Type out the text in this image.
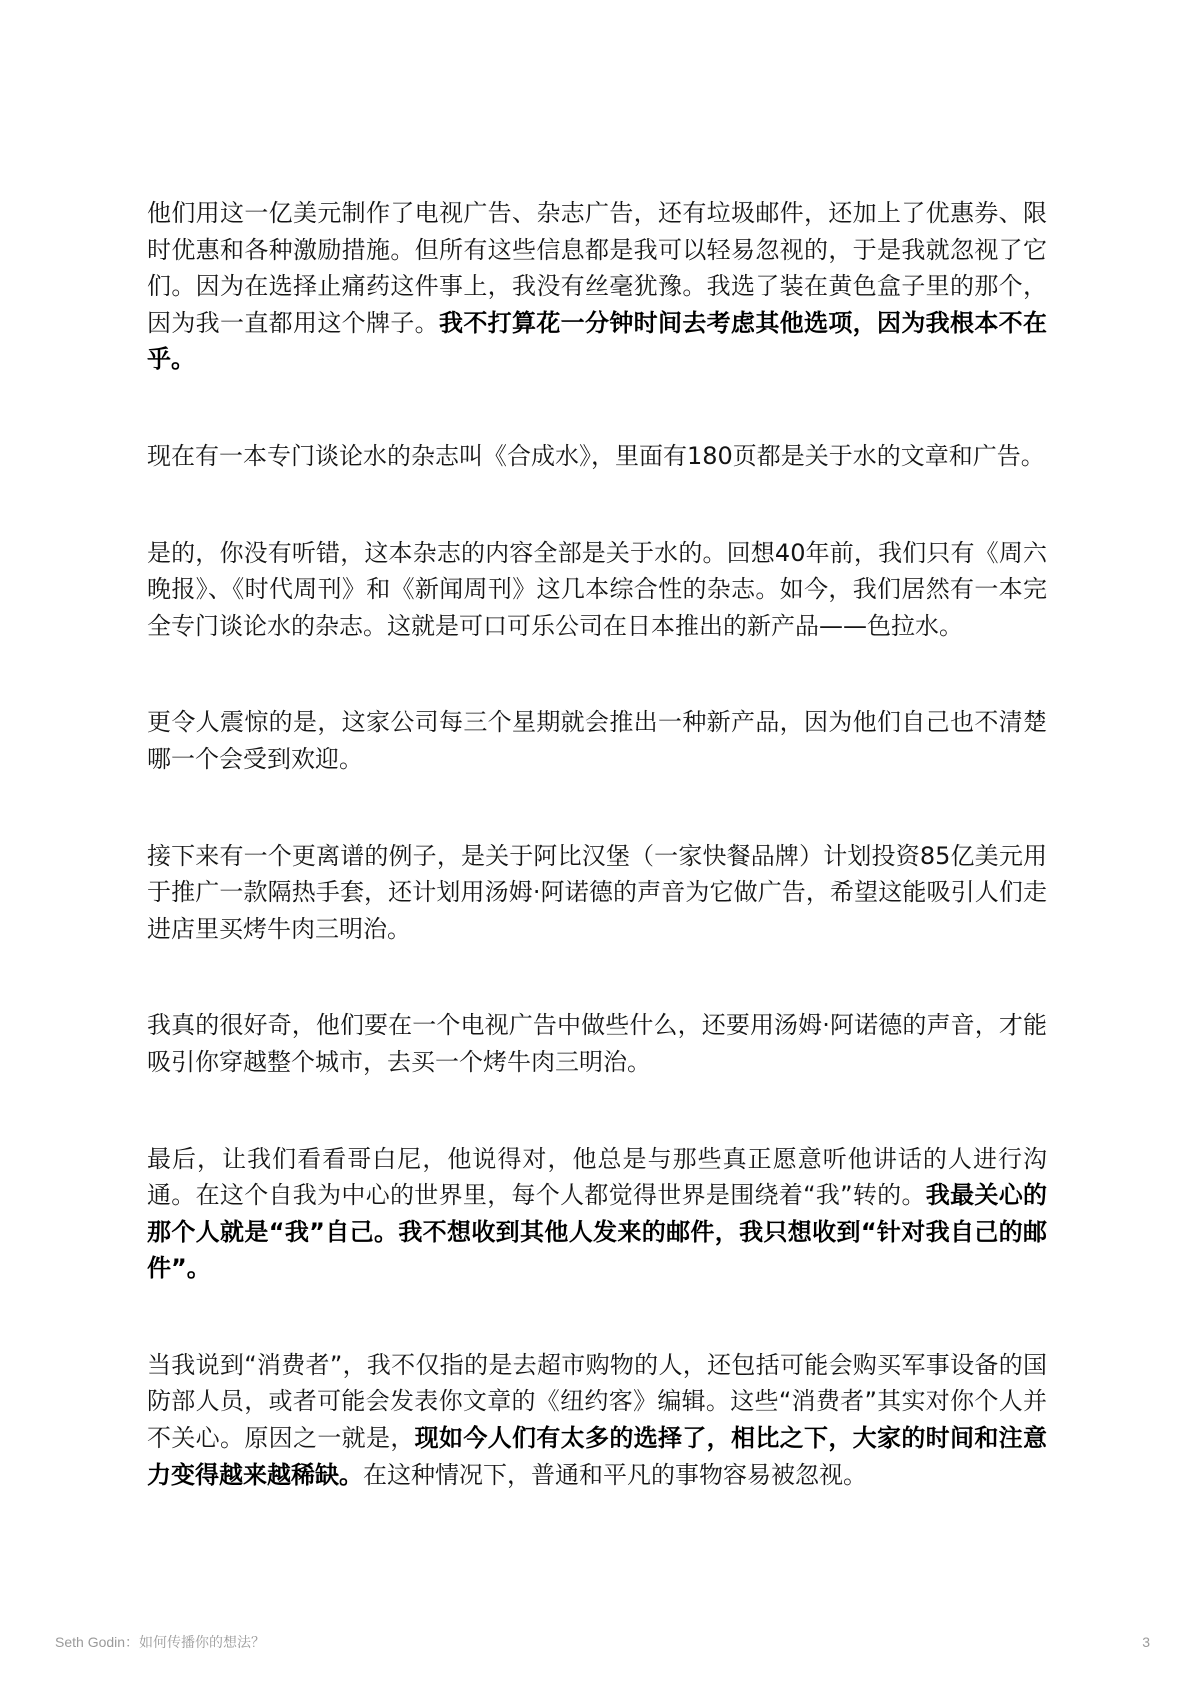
他们用这一亿美元制作了电视广告、杂志广告，还有垃圾邮件，还加上了优惠券、限时优惠和各种激励措施。但所有这些信息都是我可以轻易忽视的，于是我就忽视了它们。因为在选择止痛药这件事上，我没有丝毫犹豫。我选了装在黄色盒子里的那个，因为我一直都用这个牌子。我不打算花一分钟时间去考虑其他选项，因为我根本不在乎。

现在有一本专门谈论水的杂志叫《合成水》，里面有180页都是关于水的文章和广告。

是的，你没有听错，这本杂志的内容全部是关于水的。回想40年前，我们只有《周六晚报》、《时代周刊》和《新闻周刊》这几本综合性的杂志。如今，我们居然有一本完全专门谈论水的杂志。这就是可口可乐公司在日本推出的新产品——色拉水。

更令人震惊的是，这家公司每三个星期就会推出一种新产品，因为他们自己也不清楚哪一个会受到欢迎。

接下来有一个更离谱的例子，是关于阿比汉堡（一家快餐品牌）计划投资85亿美元用于推广一款隔热手套，还计划用汤姆·阿诺德的声音为它做广告，希望这能吸引人们走进店里买烤牛肉三明治。

我真的很好奇，他们要在一个电视广告中做些什么，还要用汤姆·阿诺德的声音，才能吸引你穿越整个城市，去买一个烤牛肉三明治。

最后，让我们看看哥白尼，他说得对，他总是与那些真正愿意听他讲话的人进行沟通。在这个自我为中心的世界里，每个人都觉得世界是围绕着“我”转的。我最关心的那个人就是“我”自己。我不想收到其他人发来的邮件，我只想收到“针对我自己的邮件”。

当我说到“消费者”，我不仅指的是去超市购物的人，还包括可能会购买军事设备的国防部人员，或者可能会发表你文章的《纽约客》编辑。这些“消费者”其实对你个人并不关心。原因之一就是，现如今人们有太多的选择了，相比之下，大家的时间和注意力变得越来越稀缺。在这种情况下，普通和平凡的事物容易被忽视。

Seth Godin：如何传播你的想法？	3
